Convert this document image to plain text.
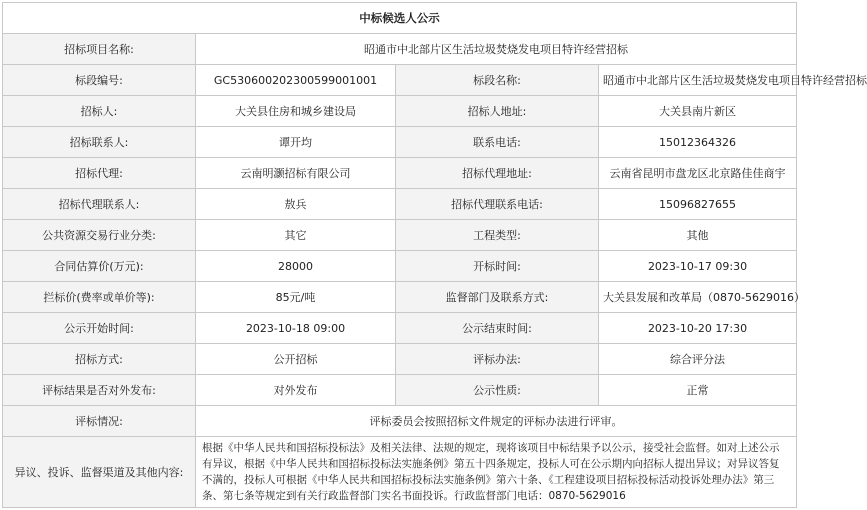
中标候选人公示			
招标项目名称:	昭通市中北部片区生活垃圾焚烧发电项目特许经营招标		
标段编号:	GC5306002023005990010​01	标段名称:	昭通市中北部片区生活垃圾焚烧发电项目特许经营招标
招标人:	大关县住房和城乡建设局	招标人地址:	大关县南片新区
招标联系人:	谭开均	联系电话:	15012364326
招标代理:	云南明灏招标有限公司	招标代理地址:	云南省昆明市盘龙区北京路佳佳商宇
招标代理联系人:	敖兵	招标代理联系电话:	15096827655
公共资源交易行业分类:	其它	工程类型:	其他
合同估算价(万元):	28000	开标时间:	2023-10-17 09:30
拦标价(费率或单价等):	85元/吨	监督部门及联系方式:	大关县发展和改革局（0870-5629016）
公示开始时间:	2023-10-18 09:00	公示结束时间:	2023-10-20 17:30
招标方式:	公开招标	评标办法:	综合评分法
评标结果是否对外发布:	对外发布	公示性质:	正常
评标情况:	评标委员会按照招标文件规定的评标办法进行评审。		
异议、投诉、监督渠道及其他内容:	根据《中华人民共和国招标投标法》及相关法律、法规的规定，现将该项目中标结果予以公示，接受社会监督。如对上述公示有异议，根据《中华人民共和国招标投标法实施条例》第五十四条规定，投标人可在公示期内向招标人提出异议；对异议答复不满的，投标人可根据《中华人民共和国招标投标法实施条例》第六十条、《工程建设项目招标投标活动投诉处理办法》第三条、第七条等规定到有关行政监督部门实名书面投诉。行政监督部门电话：0870-5629016		
